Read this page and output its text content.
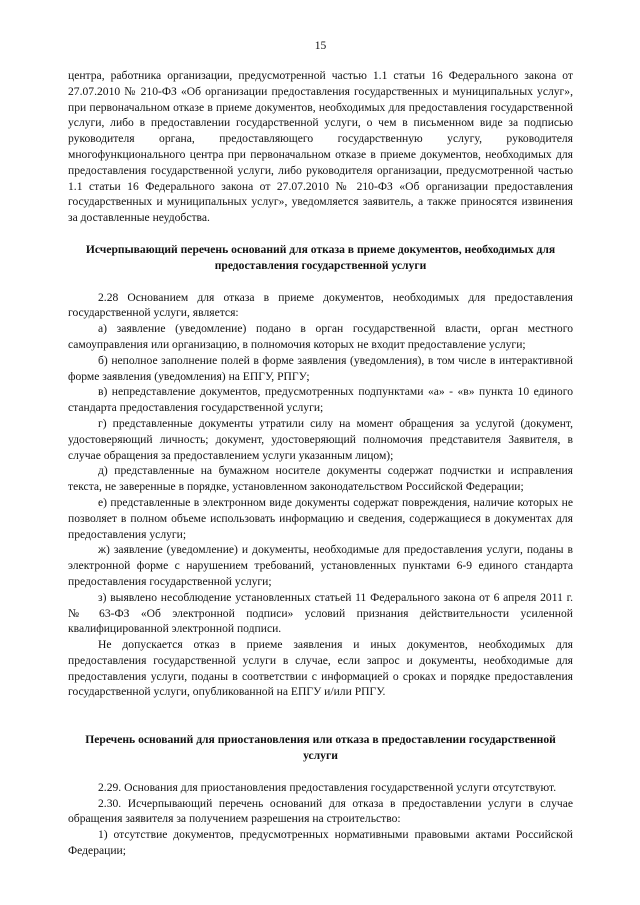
15

центра, работника организации, предусмотренной частью 1.1 статьи 16 Федерального закона от 27.07.2010 № 210-ФЗ «Об организации предоставления государственных и муниципальных услуг», при первоначальном отказе в приеме документов, необходимых для предоставления государственной услуги, либо в предоставлении государственной услуги, о чем в письменном виде за подписью руководителя органа, предоставляющего государственную услугу, руководителя многофункционального центра при первоначальном отказе в приеме документов, необходимых для предоставления государственной услуги, либо руководителя организации, предусмотренной частью 1.1 статьи 16 Федерального закона от 27.07.2010 № 210-ФЗ «Об организации предоставления государственных и муниципальных услуг», уведомляется заявитель, а также приносятся извинения за доставленные неудобства.

Исчерпывающий перечень оснований для отказа в приеме документов, необходимых для предоставления государственной услуги

2.28 Основанием для отказа в приеме документов, необходимых для предоставления государственной услуги, является:

а) заявление (уведомление) подано в орган государственной власти, орган местного самоуправления или организацию, в полномочия которых не входит предоставление услуги;

б) неполное заполнение полей в форме заявления (уведомления), в том числе в интерактивной форме заявления (уведомления) на ЕПГУ, РПГУ;

в) непредставление документов, предусмотренных подпунктами «а» - «в» пункта 10 единого стандарта предоставления государственной услуги;

г) представленные документы утратили силу на момент обращения за услугой (документ, удостоверяющий личность; документ, удостоверяющий полномочия представителя Заявителя, в случае обращения за предоставлением услуги указанным лицом);

д) представленные на бумажном носителе документы содержат подчистки и исправления текста, не заверенные в порядке, установленном законодательством Российской Федерации;

е) представленные в электронном виде документы содержат повреждения, наличие которых не позволяет в полном объеме использовать информацию и сведения, содержащиеся в документах для предоставления услуги;

ж) заявление (уведомление) и документы, необходимые для предоставления услуги, поданы в электронной форме с нарушением требований, установленных пунктами 6-9 единого стандарта предоставления государственной услуги;

з) выявлено несоблюдение установленных статьей 11 Федерального закона от 6 апреля 2011 г. № 63-ФЗ «Об электронной подписи» условий признания действительности усиленной квалифицированной электронной подписи.

Не допускается отказ в приеме заявления и иных документов, необходимых для предоставления государственной услуги в случае, если запрос и документы, необходимые для предоставления услуги, поданы в соответствии с информацией о сроках и порядке предоставления государственной услуги, опубликованной на ЕПГУ и/или РПГУ.

Перечень оснований для приостановления или отказа в предоставлении государственной услуги

2.29. Основания для приостановления предоставления государственной услуги отсутствуют.

2.30. Исчерпывающий перечень оснований для отказа в предоставлении услуги в случае обращения заявителя за получением разрешения на строительство:

1) отсутствие документов, предусмотренных нормативными правовыми актами Российской Федерации;
